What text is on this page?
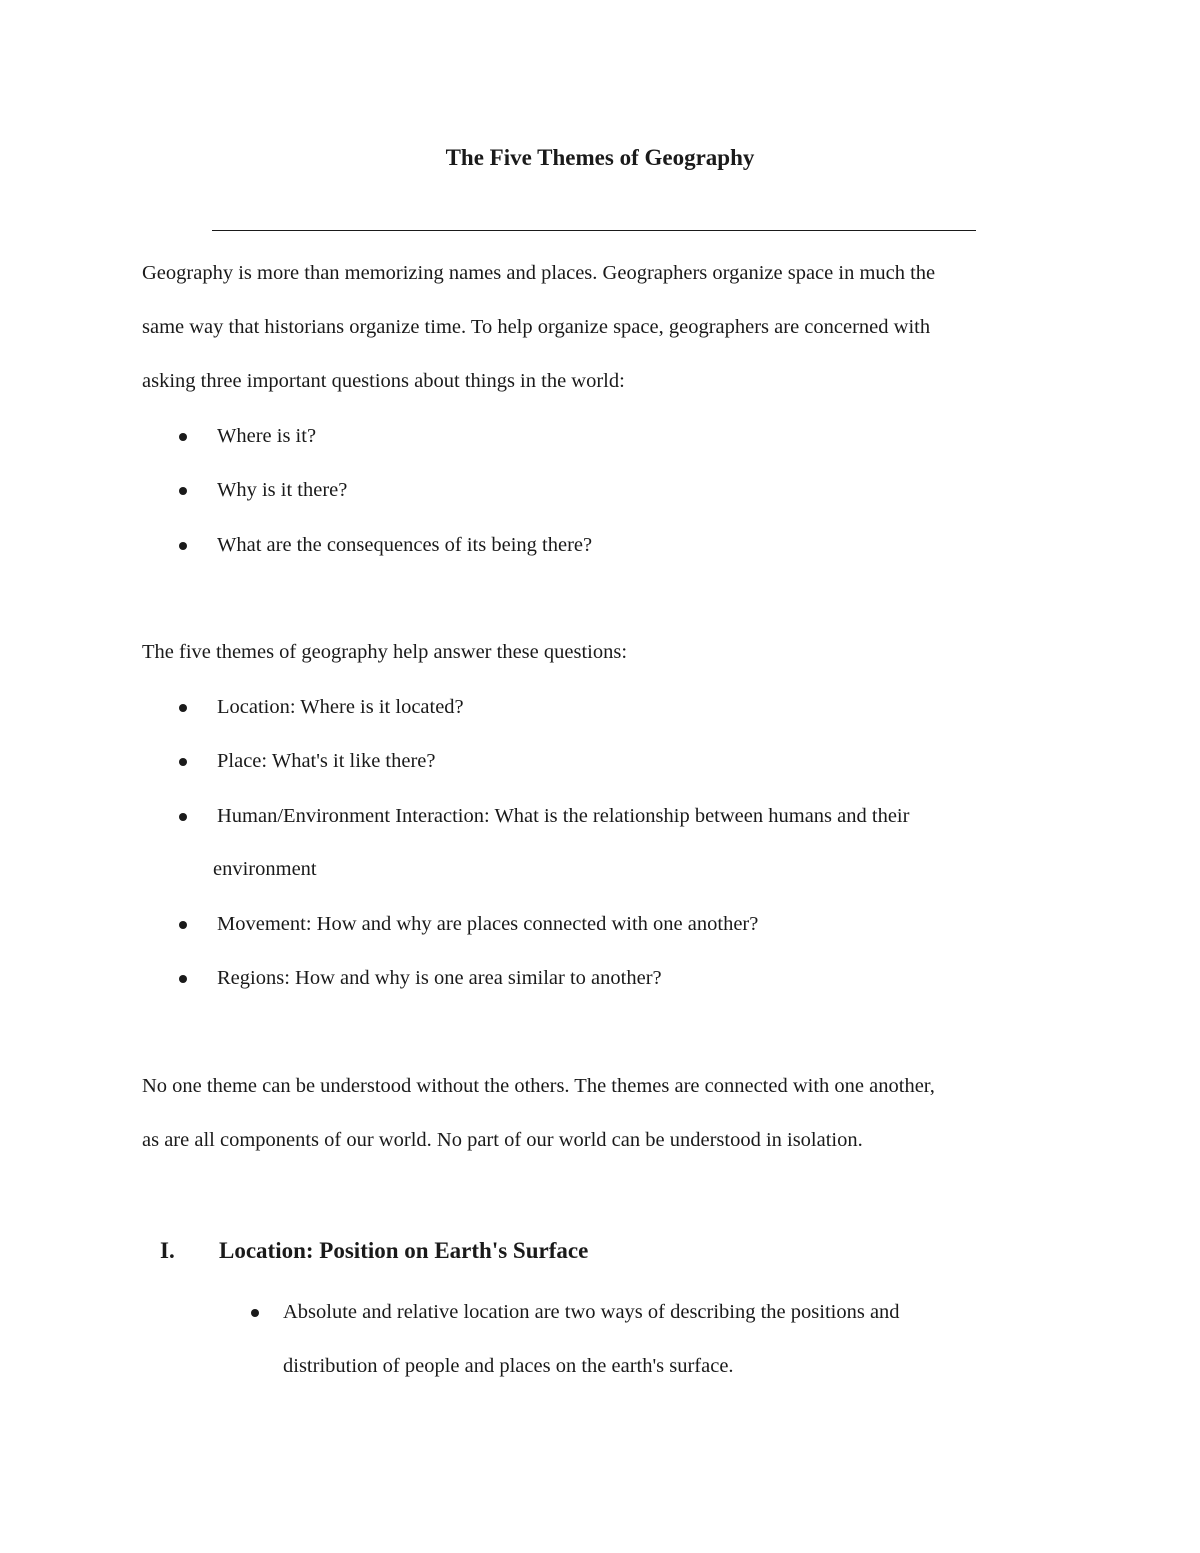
The Five Themes of Geography

Geography is more than memorizing names and places. Geographers organize space in much the

same way that historians organize time. To help organize space, geographers are concerned with

asking three important questions about things in the world:

Where is it?
Why is it there?
What are the consequences of its being there?

The five themes of geography help answer these questions:

Location: Where is it located?
Place: What's it like there?
Human/Environment Interaction: What is the relationship between humans and their
environment
Movement: How and why are places connected with one another?
Regions: How and why is one area similar to another?

No one theme can be understood without the others. The themes are connected with one another,

as are all components of our world. No part of our world can be understood in isolation.

I. Location: Position on Earth's Surface
Absolute and relative location are two ways of describing the positions and
distribution of people and places on the earth's surface.
